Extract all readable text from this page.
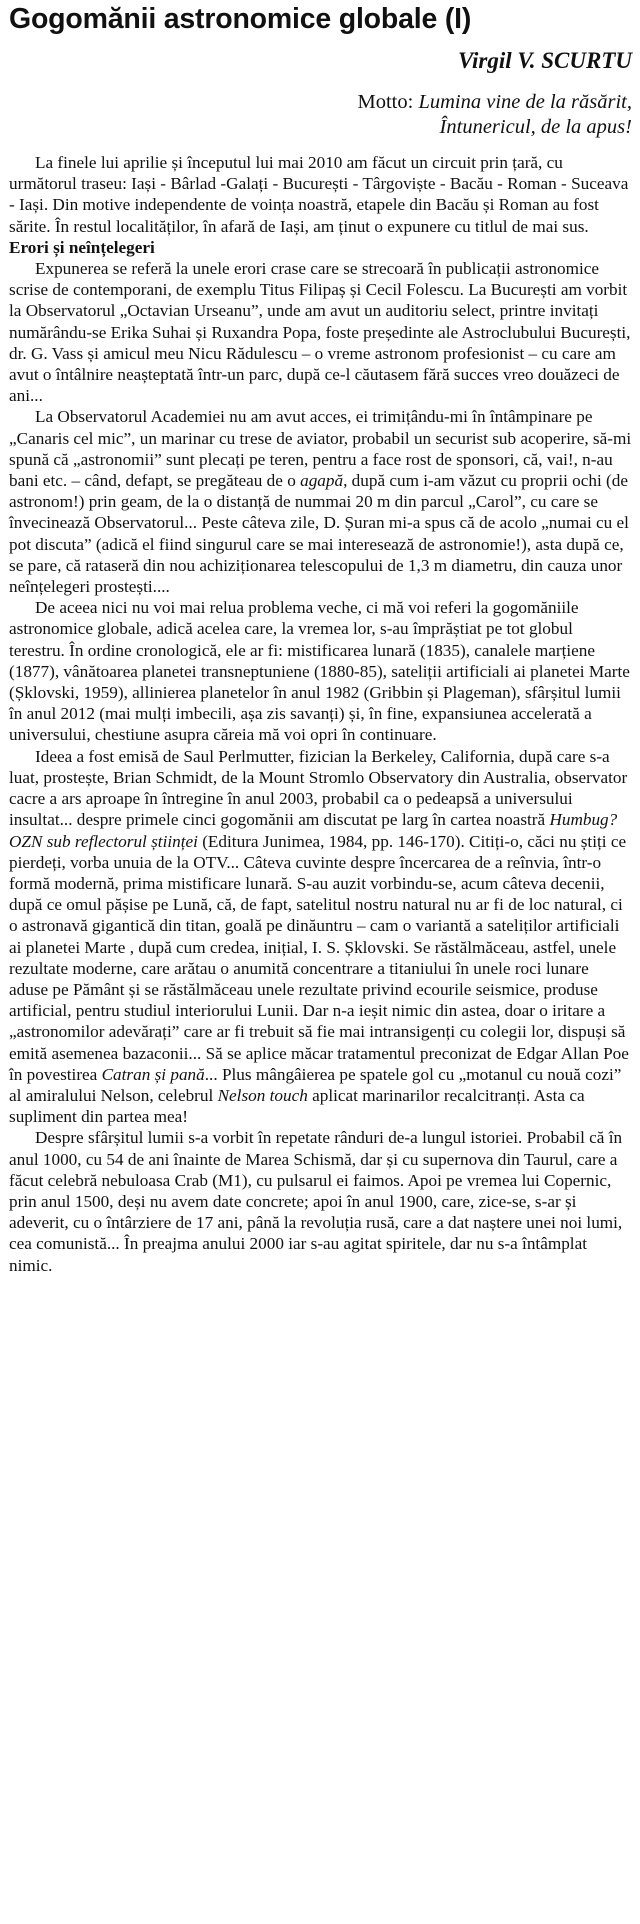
Gogomănii astronomice globale (I)
Virgil V. SCURTU
Motto: Lumina vine de la răsărit,
Întunericul, de la apus!

La finele lui aprilie și începutul lui mai 2010 am făcut un circuit prin țară, cu următorul traseu: Iași - Bârlad -Galați - București - Târgoviște - Bacău - Roman - Suceava - Iași. Din motive independente de voința noastră, etapele din Bacău și Roman au fost sărite. În restul localităților, în afară de Iași, am ținut o expunere cu titlul de mai sus.

Erori și neînțelegeri

Expunerea se referă la unele erori crase care se strecoară în publicații astronomice scrise de contemporani, de exemplu Titus Filipaș și Cecil Folescu. La București am vorbit la Observatorul „Octavian Urseanu”, unde am avut un auditoriu select, printre invitați numărându-se Erika Suhai și Ruxandra Popa, foste președinte ale Astroclubului București, dr. G. Vass și amicul meu Nicu Rădulescu – o vreme astronom profesionist – cu care am avut o întâlnire neașteptată într-un parc, după ce-l căutasem fără succes vreo douăzeci de ani...

La Observatorul Academiei nu am avut acces, ei trimițându-mi în întâmpinare pe „Canaris cel mic”, un marinar cu trese de aviator, probabil un securist sub acoperire, să-mi spună că „astronomii” sunt plecați pe teren, pentru a face rost de sponsori, că, vai!, n-au bani etc. – când, defapt, se pregăteau de o agapă, după cum i-am văzut cu proprii ochi (de astronom!) prin geam, de la o distanță de nummai 20 m din parcul „Carol”, cu care se învecinează Observatorul... Peste câteva zile, D. Șuran mi-a spus că de acolo „numai cu el pot discuta” (adică el fiind singurul care se mai interesează de astronomie!), asta după ce, se pare, că rataseră din nou achiziționarea telescopului de 1,3 m diametru, din cauza unor neînțelegeri prostești....

De aceea nici nu voi mai relua problema veche, ci mă voi referi la gogomăniile astronomice globale, adică acelea care, la vremea lor, s-au împrăștiat pe tot globul terestru. În ordine cronologică, ele ar fi: mistificarea lunară (1835), canalele marțiene (1877), vânătoarea planetei transneptuniene (1880-85), sateliții artificiali ai planetei Marte (Șklovski, 1959), allinierea planetelor în anul 1982 (Gribbin și Plageman), sfârșitul lumii în anul 2012 (mai mulți imbecili, așa zis savanți) și, în fine, expansiunea accelerată a universului, chestiune asupra căreia mă voi opri în continuare.

Ideea a fost emisă de Saul Perlmutter, fizician la Berkeley, California, după care s-a luat, prostește, Brian Schmidt, de la Mount Stromlo Observatory din Australia, observator cacre a ars aproape în întregine în anul 2003, probabil ca o pedeapsă a universului insultat... despre primele cinci gogomănii am discutat pe larg în cartea noastră Humbug? OZN sub reflectorul științei (Editura Junimea, 1984, pp. 146-170). Citiți-o, căci nu știți ce pierdeți, vorba unuia de la OTV... Câteva cuvinte despre încercarea de a reînvia, într-o formă modernă, prima mistificare lunară. S-au auzit vorbindu-se, acum câteva decenii, după ce omul pășise pe Lună, că, de fapt, satelitul nostru natural nu ar fi de loc natural, ci o astronavă gigantică din titan, goală pe dinăuntru – cam o variantă a sateliților artificiali ai planetei Marte , după cum credea, inițial, I. S. Șklovski. Se răstălmăceau, astfel, unele rezultate moderne, care arătau o anumită concentrare a titaniului în unele roci lunare aduse pe Pământ și se răstălmăceau unele rezultate privind ecourile seismice, produse artificial, pentru studiul interiorului Lunii. Dar n-a ieșit nimic din astea, doar o iritare a „astronomilor adevărați” care ar fi trebuit să fie mai intransigenți cu colegii lor, dispuși să emită asemenea bazaconii... Să se aplice măcar tratamentul preconizat de Edgar Allan Poe în povestirea Catran și pană... Plus mângâierea pe spatele gol cu „motanul cu nouă cozi” al amiralului Nelson, celebrul Nelson touch aplicat marinarilor recalcitranți. Asta ca supliment din partea mea!

Despre sfârșitul lumii s-a vorbit în repetate rânduri de-a lungul istoriei. Probabil că în anul 1000, cu 54 de ani înainte de Marea Schismă, dar și cu supernova din Taurul, care a făcut celebră nebuloasa Crab (M1), cu pulsarul ei faimos. Apoi pe vremea lui Copernic, prin anul 1500, deși nu avem date concrete; apoi în anul 1900, care, zice-se, s-ar și adeverit, cu o întârziere de 17 ani, până la revoluția rusă, care a dat naștere unei noi lumi, cea comunistă... În preajma anului 2000 iar s-au agitat spiritele, dar nu s-a întâmplat nimic.
